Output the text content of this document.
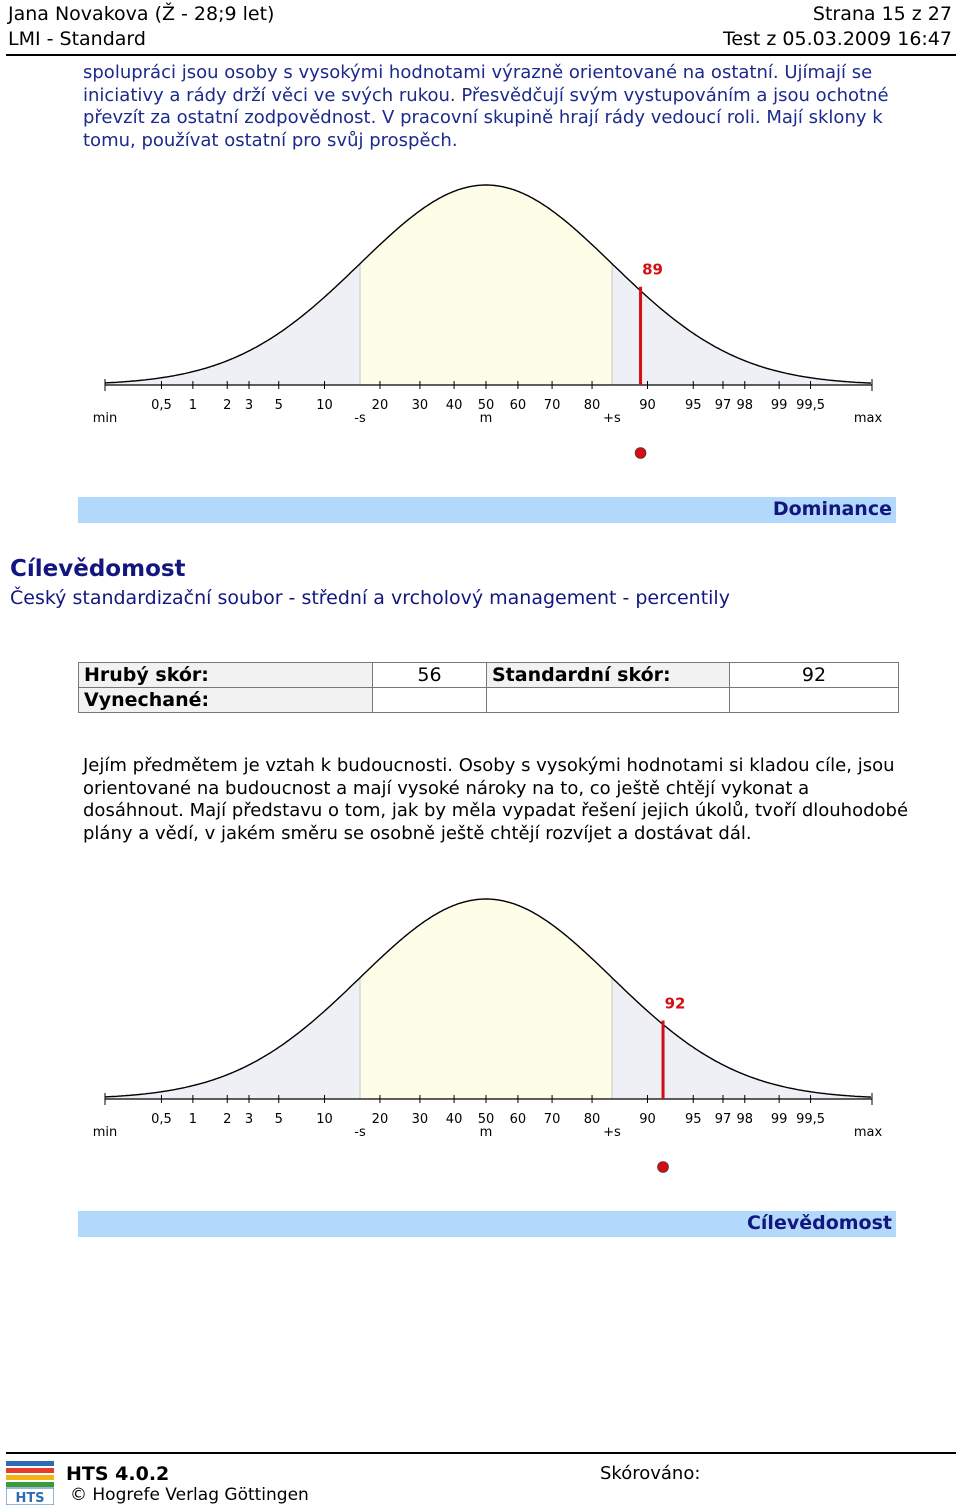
Jana Novakova (Ž - 28;9 let)	Strana 15 z 27
LMI - Standard	Test z 05.03.2009 16:47
spolupráci jsou osoby s vysokými hodnotami výrazně orientované na ostatní. Ujímají se iniciativy a rády drží věci ve svých rukou. Přesvědčují svým vystupováním a jsou ochotné převzít za ostatní zodpovědnost. V pracovní skupině hrají rády vedoucí roli. Mají sklony k tomu, používat ostatní pro svůj prospěch.
0,5 1 2 3 5	10	20 30 40 50 60 70 80	90 95 97 98 99 99,5
min	-s	m	+s	max
89
Dominance
Cílevědomost
Český standardizační soubor - střední a vrcholový management - percentily
Hrubý skór:	56	Standardní skór:	92
Vynechané:			
Jejím předmětem je vztah k budoucnosti. Osoby s vysokými hodnotami si kladou cíle, jsou orientované na budoucnost a mají vysoké nároky na to, co ještě chtějí vykonat a dosáhnout. Mají představu o tom, jak by měla vypadat řešení jejich úkolů, tvoří dlouhodobé plány a vědí, v jakém směru se osobně ještě chtějí rozvíjet a dostávat dál.
0,5 1 2 3 5	10	20 30 40 50 60 70 80	90 95 97 98 99 99,5
min	-s	m	+s	max
92
Cílevědomost
HTS
HTS 4.0.2
© Hogrefe Verlag Göttingen
Skórováno:
